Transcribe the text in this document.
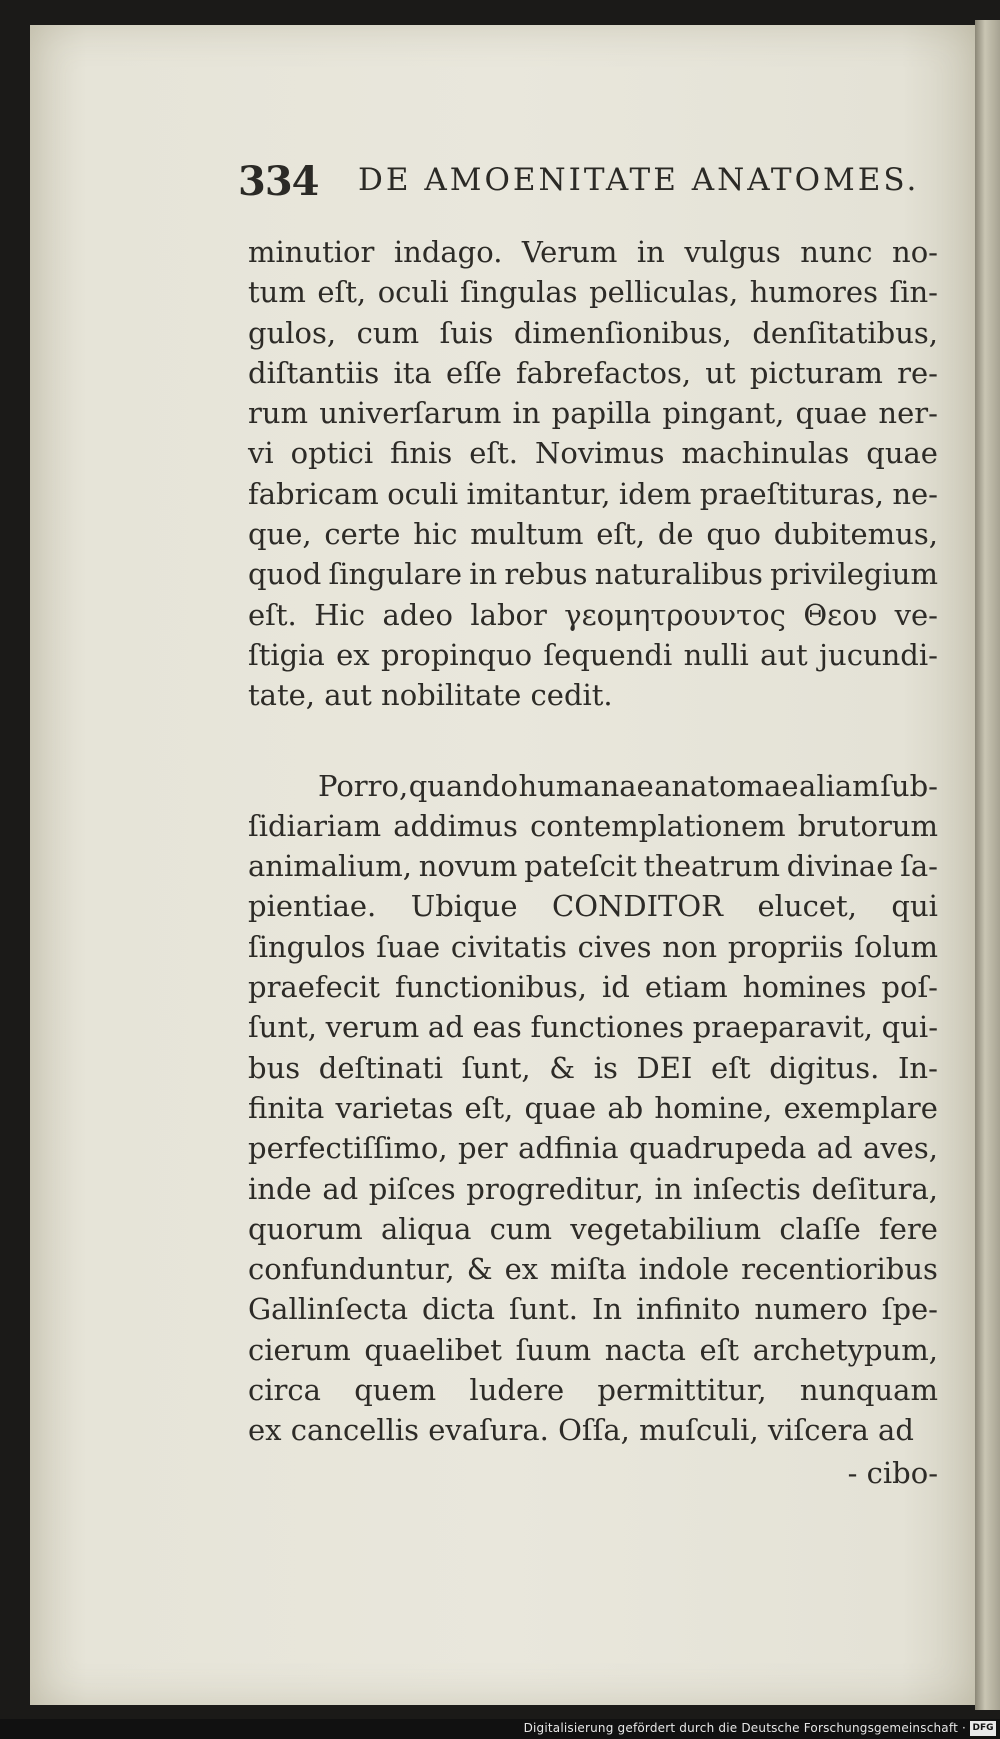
334 DE AMOENITATE ANATOMES.
minutior indago. Verum in vulgus nunc no-
tum eſt, oculi ſingulas pelliculas, humores ſin-
gulos, cum ſuis dimenſionibus, denſitatibus,
diſtantiis ita eſſe fabrefactos, ut picturam re-
rum univerſarum in papilla pingant, quae ner-
vi optici finis eſt. Novimus machinulas quae
fabricam oculi imitantur, idem praeſtituras, ne-
que, certe hic multum eſt, de quo dubitemus,
quod ſingulare in rebus naturalibus privilegium
eſt. Hic adeo labor γεομητρουντος Θεου ve-
ſtigia ex propinquo ſequendi nulli aut jucundi-
tate, aut nobilitate cedit.
Porro, quando humanae anatomae aliam ſub-
ſidiariam addimus contemplationem brutorum
animalium, novum pateſcit theatrum divinae ſa-
pientiae. Ubique CONDITOR elucet, qui
ſingulos ſuae civitatis cives non propriis ſolum
praefecit functionibus, id etiam homines poſ-
ſunt, verum ad eas functiones praeparavit, qui-
bus deſtinati ſunt, & is DEI eſt digitus. In-
finita varietas eſt, quae ab homine, exemplare
perfectiſſimo, per adfinia quadrupeda ad aves,
inde ad piſces progreditur, in inſectis deſitura,
quorum aliqua cum vegetabilium claſſe fere
confunduntur, & ex miſta indole recentioribus
Gallinſecta dicta ſunt. In infinito numero ſpe-
cierum quaelibet ſuum nacta eſt archetypum,
circa quem ludere permittitur, nunquam
ex cancellis evaſura. Oſſa, muſculi, viſcera ad
- cibo-
Digitalisierung gefördert durch die Deutsche Forschungsgemeinschaft · DFG
